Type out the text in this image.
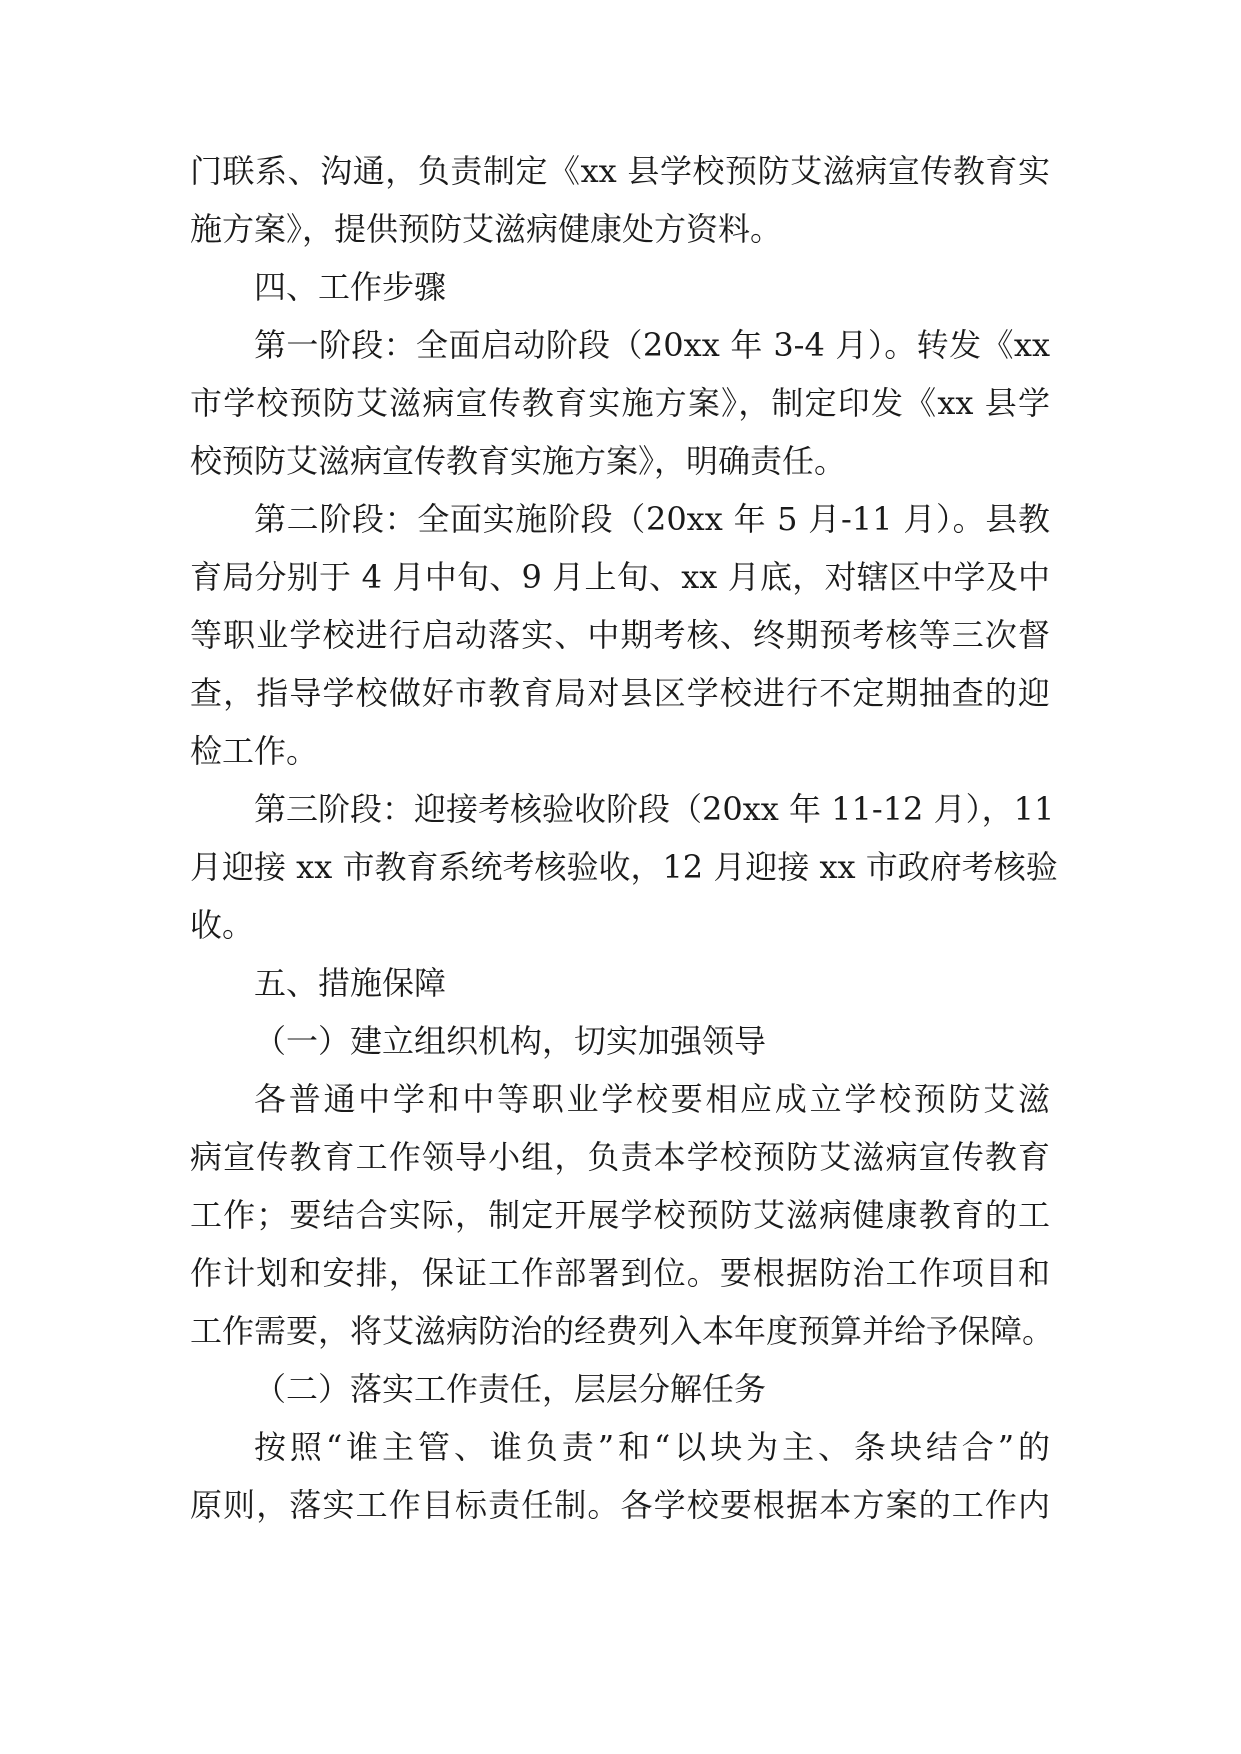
门联系、沟通，负责制定《xx 县学校预防艾滋病宣传教育实
施方案》，提供预防艾滋病健康处方资料。
四、工作步骤
第一阶段：全面启动阶段（20xx 年 3-4 月）。转发《xx
市学校预防艾滋病宣传教育实施方案》，制定印发《xx 县学
校预防艾滋病宣传教育实施方案》，明确责任。
第二阶段：全面实施阶段（20xx 年 5 月-11 月）。县教
育局分别于 4 月中旬、9 月上旬、xx 月底，对辖区中学及中
等职业学校进行启动落实、中期考核、终期预考核等三次督
查，指导学校做好市教育局对县区学校进行不定期抽查的迎
检工作。
第三阶段：迎接考核验收阶段（20xx 年 11-12 月），11
月迎接 xx 市教育系统考核验收，12 月迎接 xx 市政府考核验
收。
五、措施保障
（一）建立组织机构，切实加强领导
各普通中学和中等职业学校要相应成立学校预防艾滋
病宣传教育工作领导小组，负责本学校预防艾滋病宣传教育
工作；要结合实际，制定开展学校预防艾滋病健康教育的工
作计划和安排，保证工作部署到位。要根据防治工作项目和
工作需要，将艾滋病防治的经费列入本年度预算并给予保障。
（二）落实工作责任，层层分解任务
按照“谁主管、谁负责”和“以块为主、条块结合”的
原则，落实工作目标责任制。各学校要根据本方案的工作内
